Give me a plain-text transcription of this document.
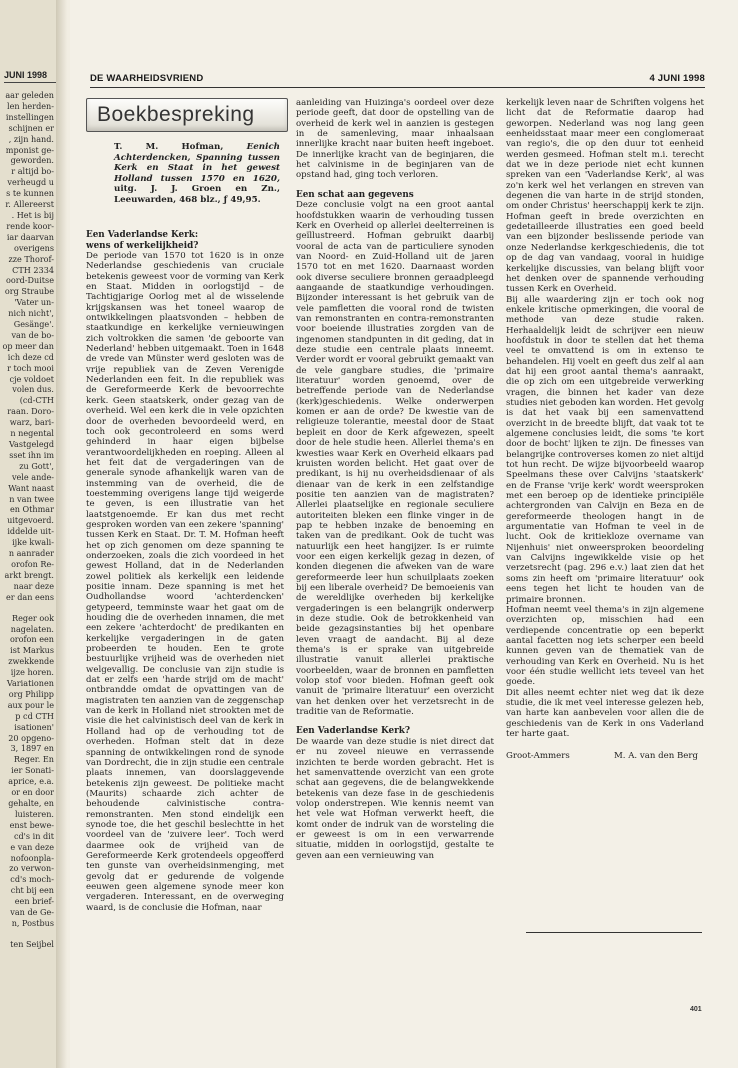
JUNI 1998
aar geleden
len herden-
instellingen
schijnen er
, zijn hand.
mponist ge-
geworden.
r altijd bo-
verheugd u
s te kunnen
r. Allereerst
. Het is bij
rende koor-
iar daarvan
overigens
zze Thorof-
CTH 2334
oord-Duitse
org Straube
'Vater un-
nich nicht',
Gesänge'.
van de bo-
op meer dan
ich deze cd
r toch mooi
cje voldoet
volen dus.
(cd-CTH
raan. Doro-
warz, bari-
n negental
Vastgelegd
sset ihn im
zu Gott',
vele ande-
Want naast
n van twee
en Othmar
uitgevoerd.
iddelde uit-
ijke kwali-
n aanrader
orofon Re-
arkt brengt.
naar deze
er dan eens
Reger ook
nagelaten.
orofon een
ist Markus
zwekkende
ijze horen.
Variationen
org Philipp
aux pour le
p cd CTH
isationen'
20 opgeno-
3, 1897 en
Reger. En
ier Sonati-
aprice, e.a.
or en door
gehalte, en
luisteren.
enst bewe-
cd's in dit
e van deze
nofoonpla-
zo verwon-
cd's moch-
cht bij een
een brief-
van de Ge-
n, Postbus
ten Seijbel
DE WAARHEIDSVRIEND	4 JUNI 1998
Boekbespreking
T. M. Hofman,	Eenich Achterdencken, Spanning tussen Kerk en Staat in het gewest Holland tussen 1570 en 1620, uitg. J. J. Groen en Zn., Leeuwarden, 468 blz., ƒ 49,95.
Een Vaderlandse Kerk:
wens of werkelijkheid?

De periode van 1570 tot 1620 is in onze Nederlandse geschiedenis van cruciale betekenis geweest voor de vorming van Kerk en Staat. Midden in oorlogstijd – de Tachtigjarige Oorlog met al de wisselende krijgskansen was het toneel waarop de ontwikkelingen plaatsvonden – hebben de staatkundige en kerkelijke vernieuwingen zich voltrokken die samen 'de geboorte van Nederland' hebben uitgemaakt. Toen in 1648 de vrede van Münster werd gesloten was de vrije republiek van de Zeven Verenigde Nederlanden een feit. In die republiek was de Gereformeerde Kerk de bevoorrechte kerk. Geen staatskerk, onder gezag van de overheid. Wel een kerk die in vele opzichten door de overheden bevoordeeld werd, en toch ook gecontroleerd en soms werd gehinderd in haar eigen bijbelse verantwoordelijkheden en roeping. Alleen al het feit dat de vergaderingen van de generale synode afhankelijk waren van de instemming van de overheid, die de toestemming overigens lange tijd weigerde te geven, is een illustratie van het laatstgenoemde. Er kan dus met recht gesproken worden van een zekere 'spanning' tussen Kerk en Staat. Dr. T. M. Hofman heeft het op zich genomen om deze spanning te onderzoeken, zoals die zich voordeed in het gewest Holland, dat in de Nederlanden zowel politiek als kerkelijk een leidende positie innam. Deze spanning is met het Oudhollandse woord 'achterdencken' getypeerd, temminste waar het gaat om de houding die de overheden innamen, die met een zekere 'achterdocht' de predikanten en kerkelijke vergaderingen in de gaten probeerden te houden. Een te grote bestuurlijke vrijheid was de overheden niet welgevallig. De conclusie van zijn studie is dat er zelfs een 'harde strijd om de macht' ontbrandde omdat de opvattingen van de magistraten ten aanzien van de zeggenschap van de kerk in Holland niet strookten met de visie die het calvinistisch deel van de kerk in Holland had op de verhouding tot de overheden. Hofman stelt dat in deze spanning de ontwikkelingen rond de synode van Dordrecht, die in zijn studie een centrale plaats innemen, van doorslaggevende betekenis zijn geweest. De politieke macht (Maurits) schaarde zich achter de behoudende calvinistische contra-remonstranten. Men stond eindelijk een synode toe, die het geschil beslechtte in het voordeel van de 'zuivere leer'. Toch werd daarmee ook de vrijheid van de Gereformeerde Kerk grotendeels opgeofferd ten gunste van overheidsinmenging, met gevolg dat er gedurende de volgende eeuwen geen algemene synode meer kon vergaderen. Interessant, en de overweging waard, is de conclusie die Hofman, naar

aanleiding van Huizinga's oordeel over deze periode geeft, dat door de opstelling van de overheid de kerk wel in aanzien is gestegen in de samenleving, maar inhaalsaan innerlijke kracht naar buiten heeft ingeboet. De innerlijke kracht van de beginjaren, die het calvinisme in de beginjaren van de opstand had, ging toch verloren.

Een schat aan gegevens

Deze conclusie volgt na een groot aantal hoofdstukken waarin de verhouding tussen Kerk en Overheid op allerlei deelterreinen is geïllustreerd. Hofman gebruikt daarbij vooral de acta van de particuliere synoden van Noord- en Zuid-Holland uit de jaren 1570 tot en met 1620. Daarnaast worden ook diverse seculiere bronnen geraadpleegd aangaande de staatkundige verhoudingen. Bijzonder interessant is het gebruik van de vele pamfletten die vooral rond de twisten van remonstranten en contra-remonstranten voor boeiende illustraties zorgden van de ingenomen standpunten in dit geding, dat in deze studie een centrale plaats inneemt. Verder wordt er vooral gebruikt gemaakt van de vele gangbare studies, die 'primaire literatuur' worden genoemd, over de betreffende periode van de Nederlandse (kerk)geschiedenis. Welke onderwerpen komen er aan de orde? De kwestie van de religieuze tolerantie, meestal door de Staat bepleit en door de Kerk afgewezen, speelt door de hele studie heen. Allerlei thema's en kwesties waar Kerk en Overheid elkaars pad kruisten worden belicht. Het gaat over de predikant, is hij nu overheidsdienaar of als dienaar van de kerk in een zelfstandige positie ten aanzien van de magistraten? Allerlei plaatselijke en regionale seculiere autoriteiten bleken een flinke vinger in de pap te hebben inzake de benoeming en taken van de predikant. Ook de tucht was natuurlijk een heet hangijzer. Is er ruimte voor een eigen kerkelijk gezag in dezen, of konden diegenen die afweken van de ware gereformeerde leer hun schuilplaats zoeken bij een liberale overheid? De bemoeienis van de wereldlijke overheden bij kerkelijke vergaderingen is een belangrijk onderwerp in deze studie. Ook de betrokkenheid van beide gezagsinstanties bij het openbare leven vraagt de aandacht. Bij al deze thema's is er sprake van uitgebreide illustratie vanuit allerlei praktische voorbeelden, waar de bronnen en pamfletten volop stof voor bieden. Hofman geeft ook vanuit de 'primaire literatuur' een overzicht van het denken over het verzetsrecht in de traditie van de Reformatie.

Een Vaderlandse Kerk?

De waarde van deze studie is niet direct dat er nu zoveel nieuwe en verrassende inzichten te berde worden gebracht. Het is het samenvattende overzicht van een grote schat aan gegevens, die de belangwekkende betekenis van deze fase in de geschiedenis volop onderstrepen. Wie kennis neemt van het vele wat Hofman verwerkt heeft, die komt onder de indruk van de worsteling die er geweest is om in een verwarrende situatie, midden in oorlogstijd, gestalte te geven aan een vernieuwing van

kerkelijk leven naar de Schriften volgens het licht dat de Reformatie daarop had geworpen. Nederland was nog lang geen eenheidsstaat maar meer een conglomeraat van regio's, die op den duur tot eenheid werden gesmeed. Hofman stelt m.i. terecht dat we in deze periode niet echt kunnen spreken van een 'Vaderlandse Kerk', al was zo'n kerk wel het verlangen en streven van degenen die van harte in de strijd stonden, om onder Christus' heerschappij kerk te zijn. Hofman geeft in brede overzichten en gedetailleerde illustraties een goed beeld van een bijzonder beslissende periode van onze Nederlandse kerkgeschiedenis, die tot op de dag van vandaag, vooral in huidige kerkelijke discussies, van belang blijft voor het denken over de spannende verhouding tussen Kerk en Overheid.

Bij alle waardering zijn er toch ook nog enkele kritische opmerkingen, die vooral de methode van deze studie raken. Herhaaldelijk leidt de schrijver een nieuw hoofdstuk in door te stellen dat het thema veel te omvattend is om in extenso te behandelen. Hij voelt en geeft dus zelf al aan dat hij een groot aantal thema's aanraakt, die op zich om een uitgebreide verwerking vragen, die binnen het kader van deze studies niet geboden kan worden. Het gevolg is dat het vaak bij een samenvattend overzicht in de breedte blijft, dat vaak tot te algemene conclusies leidt, die soms 'te kort door de bocht' lijken te zijn. De finesses van belangrijke controverses komen zo niet altijd tot hun recht. De wijze bijvoorbeeld waarop Speelmans these over Calvijns 'staatskerk' en de Franse 'vrije kerk' wordt weersproken met een beroep op de identieke principiële achtergronden van Calvijn en Beza en de gereformeerde theologen hangt in de argumentatie van Hofman te veel in de lucht. Ook de kritiekloze overname van Nijenhuis' niet onweersproken beoordeling van Calvijns ingewikkelde visie op het verzetsrecht (pag. 296 e.v.) laat zien dat het soms zin heeft om 'primaire literatuur' ook eens tegen het licht te houden van de primaire bronnen.

Hofman neemt veel thema's in zijn algemene overzichten op, misschien had een verdiepende concentratie op een beperkt aantal facetten nog iets scherper een beeld kunnen geven van de thematiek van de verhouding van Kerk en Overheid. Nu is het voor één studie wellicht iets teveel van het goede.

Dit alles neemt echter niet weg dat ik deze studie, die ik met veel interesse gelezen heb, van harte kan aanbevelen voor allen die de geschiedenis van de Kerk in ons Vaderland ter harte gaat.

Groot-Ammers	M. A. van den Berg
401
